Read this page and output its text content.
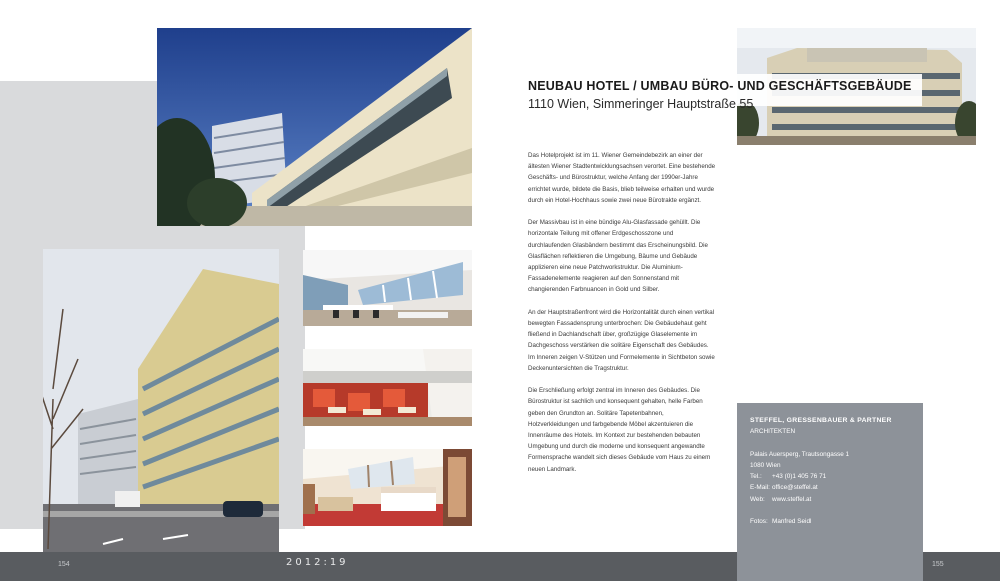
NEUBAU HOTEL / UMBAU BÜRO- UND GESCHÄFTSGEBÄUDE
1110 Wien, Simmeringer Hauptstraße 55

Das Hotelprojekt ist im 11. Wiener Gemeindebezirk an einer der ältesten Wiener Stadtentwicklungsachsen verortet. Eine bestehende Geschäfts- und Bürostruktur, welche Anfang der 1990er-Jahre errichtet wurde, bildete die Basis, blieb teilweise erhalten und wurde durch ein Hotel-Hochhaus sowie zwei neue Bürotrakte ergänzt.

Der Massivbau ist in eine bündige Alu-Glasfassade gehüllt. Die horizontale Teilung mit offener Erdgeschosszone und durchlaufenden Glasbändern bestimmt das Erscheinungsbild. Die Glasflächen reflektieren die Umgebung, Bäume und Gebäude applizieren eine neue Patchworkstruktur. Die Aluminium-Fassadenelemente reagieren auf den Sonnenstand mit changierenden Farbnuancen in Gold und Silber.

An der Hauptstraßenfront wird die Horizontalität durch einen vertikal bewegten Fassadensprung unterbrochen: Die Gebäudehaut geht fließend in Dachlandschaft über, großzügige Glaselemente im Dachgeschoss verstärken die solitäre Eigenschaft des Gebäudes. Im Inneren zeigen V-Stützen und Formelemente in Sichtbeton sowie Deckenuntersichten die Tragstruktur.

Die Erschließung erfolgt zentral im Inneren des Gebäudes. Die Bürostruktur ist sachlich und konsequent gehalten, helle Farben geben den Grundton an. Solitäre Tapetenbahnen, Holzverkleidungen und farbgebende Möbel akzentuieren die Innenräume des Hotels. Im Kontext zur bestehenden bebauten Umgebung und durch die moderne und konsequent angewandte Formensprache wandelt sich dieses Gebäude vom Haus zu einem neuen Landmark.

154	2012:19	155
STEFFEL, GRESSENBAUER & PARTNER
ARCHITEKTEN
Palais Auersperg, Trautsongasse 1
1080 Wien
Tel.: +43 (0)1 405 76 71
E-Mail: office@steffel.at
Web: www.steffel.at
Fotos: Manfred Seidl
